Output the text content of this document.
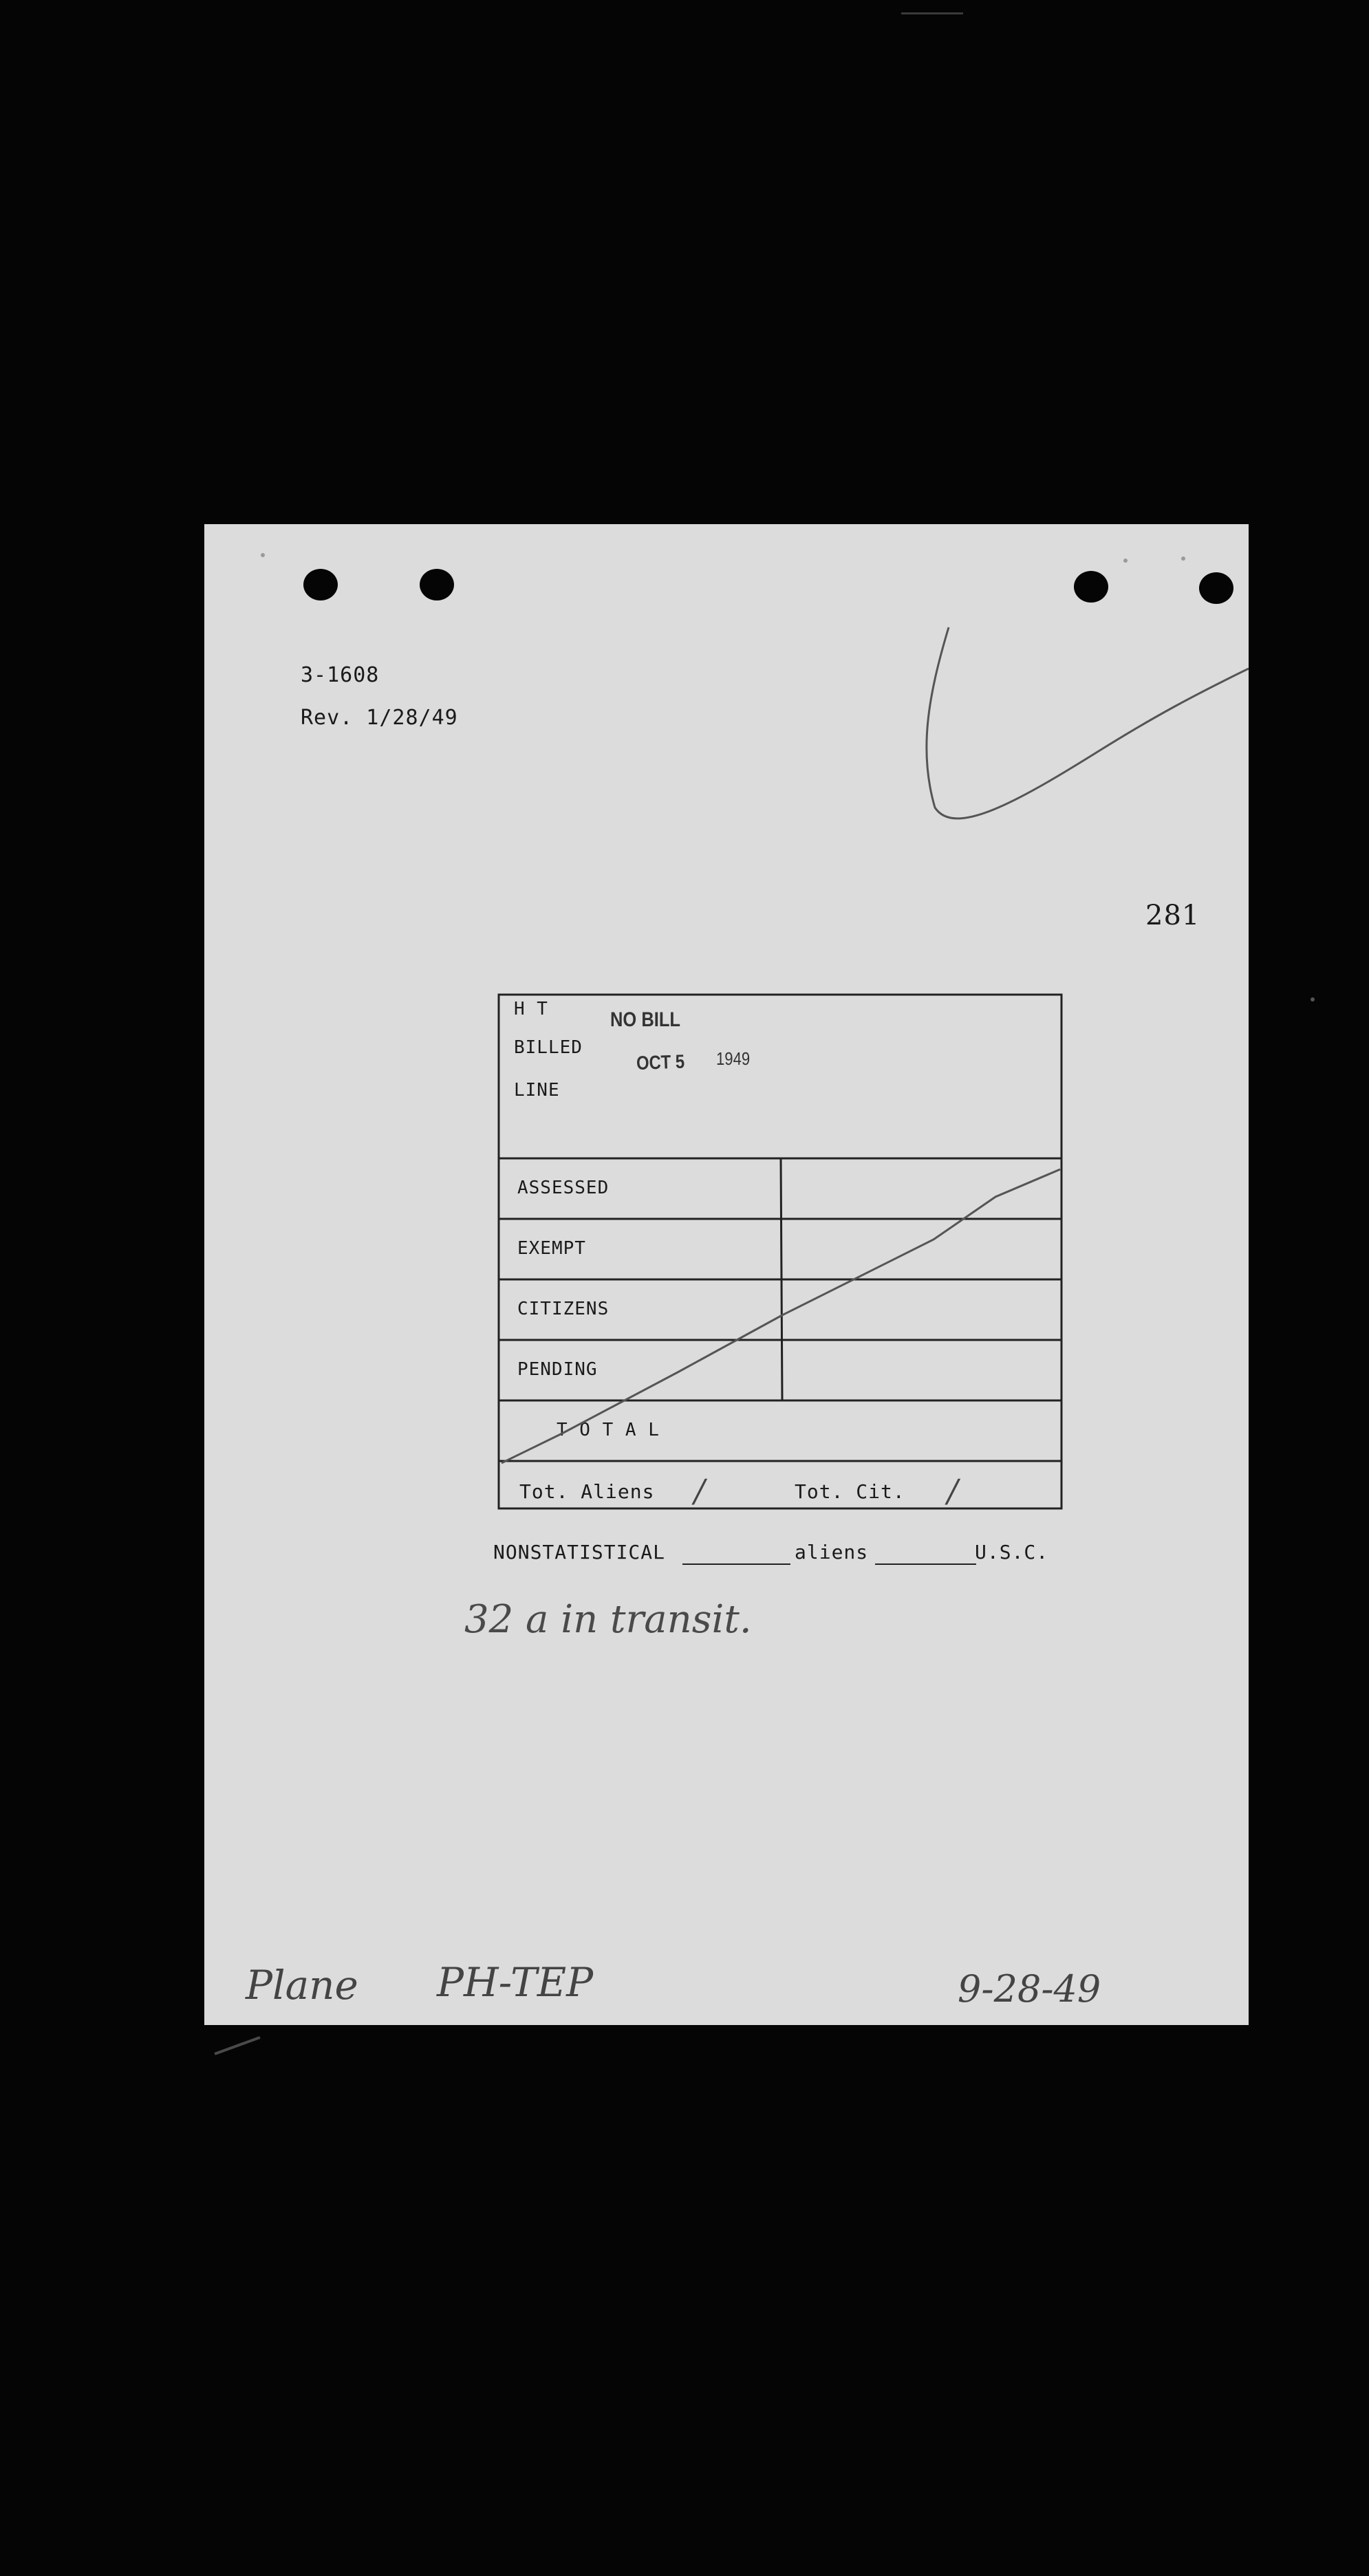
3-1608
Rev. 1/28/49
281
H T
BILLED
LINE
NO BILL
OCT 5 1949
ASSESSED
EXEMPT
CITIZENS
PENDING
T O T A L
Tot. Aliens /	Tot. Cit. /
NONSTATISTICAL	aliens	U.S.C.
32 a in transit.
Plane PH-TEP	9-28-49
